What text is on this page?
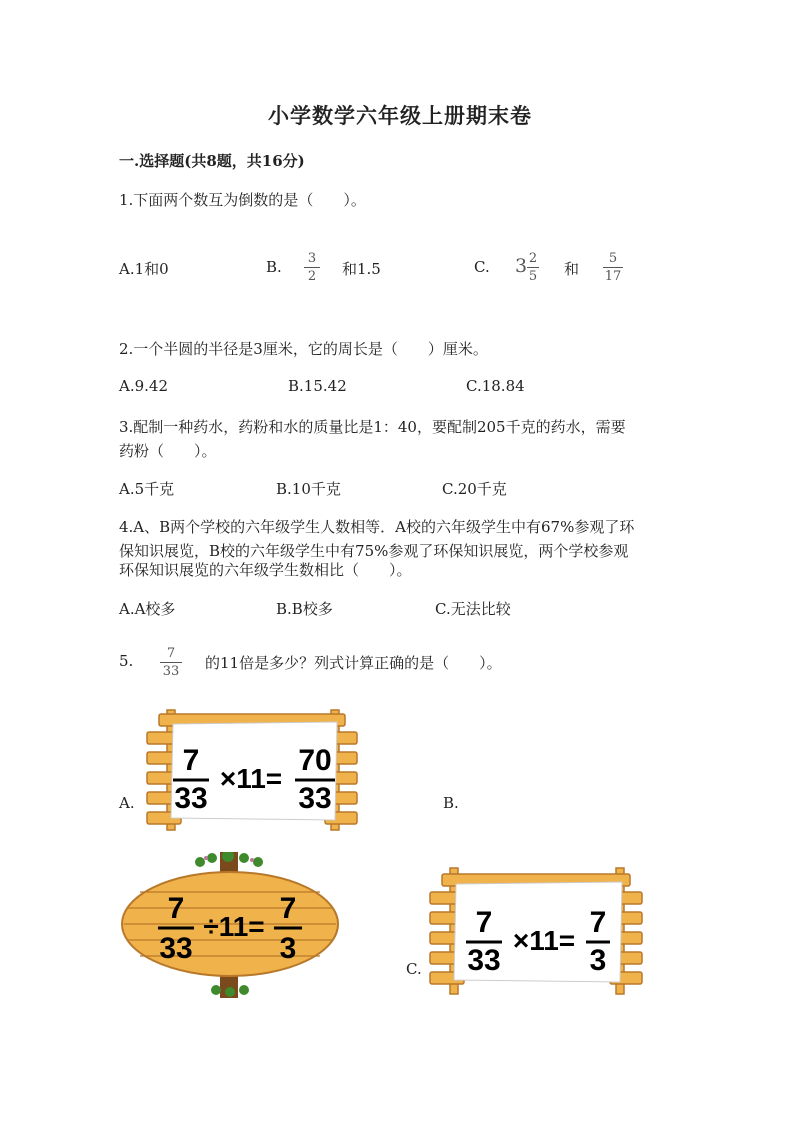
小学数学六年级上册期末卷
一.选择题(共8题，共16分)
1.下面两个数互为倒数的是（　　）。
A.1和0	B. 3
2 和1.5	C. 3 2
5 和
5
17
2.一个半圆的半径是3厘米，它的周长是（　　）厘米。
A.9.42	B.15.42	C.18.84
3.配制一种药水，药粉和水的质量比是1：40，要配制205千克的药水，需要
药粉（　　）。
A.5千克	B.10千克	C.20千克
4.A、B两个学校的六年级学生人数相等．A校的六年级学生中有67%参观了环
保知识展览，B校的六年级学生中有75%参观了环保知识展览，两个学校参观
环保知识展览的六年级学生数相比（　　）。
A.A校多	B.B校多	C.无法比较
5.	7
33 的11倍是多少？列式计算正确的是（　　）。
A.	B.
C.
7
33
×11=
70
33
7
33
÷11=
7
3
7
33
×11=
7
3
